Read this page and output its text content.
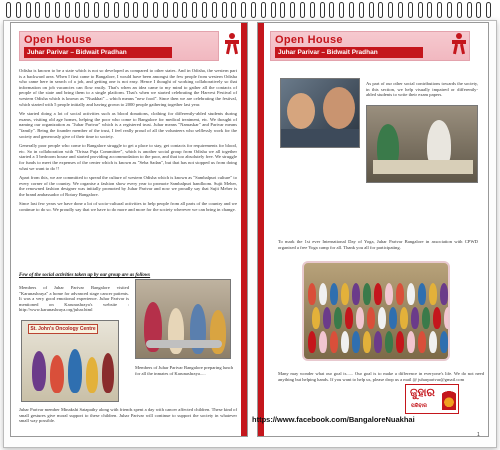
Open House
Juhar Parivar – Bidwait Pradhan

Odisha is known to be a state which is not so developed as compared to other states. And in Odisha, the western part is a backward area. When I first came to Bangalore, I would have been amongst the few people from western Odisha who came here in search of a job, and getting one is not easy. Hence I thought of working collaboratively so that information on job vacancies can flow easily. That's when an idea came to my mind to gather all the contacts of people of the state and bring them to a single platform. That's when we started celebrating the Harvest Festival of western Odisha which is known as "Nuakhai" – which means "new food". Since then we are celebrating the festival, which started with 5 people initially and having grown to 2000 people gathering together last year.

We started doing a lot of social activities such as blood donations, clothing for differently-abled students during exams, visiting old age homes, helping the poor who come to Bangalore for medical treatment, etc. We thought of naming our organization as "Juhar Parivar" which is a registered trust. Juhar means "Namaskar" and Parivar means "family". Being the founder member of the trust, I feel really proud of all the volunteers who selflessly work for the society and generously give of their time to society.

Generally poor people who come to Bangalore struggle to get a place to stay, get contacts for requirements for blood, etc. So in collaboration with "Orissa Puja Committee", which is another social group from Odisha we all together started a 3 bedroom house and started providing accommodation to the poor, and that too absolutely free. We struggle for funds to meet the expenses of the center which is known as "Seba Sadan", but that has not stopped us from doing what we want to do !!

Apart from this, we are committed to spread the culture of western Odisha which is known as "Sambalpuri culture" to every corner of the country. We organise a fashion show every year to promote Sambalpuri handloom. Sujit Meher, the renowned fashion designer was initially promoted by Juhar Parivar and now we proudly say that Sujit Meher is the brand ambassador of Rotary Bangalore.

Since last few years we have done a lot of socio-cultural activities to help people from all parts of the country and we continue to do so. We proudly say that we have to do more and more for the society wherever we can bring in change.

Few of the social activities taken up by our group are as follows
Members of Juhar Parivar Bangalore visited "Karunashraya" a home for advanced stage cancer patients. It was a very good emotional experience. Juhar Parivar is mentioned on Karunashraya's website : http://www.karunashraya.org/juhar.html
St. John's Oncology Centre
Members of Juhar Parivar Bangalore preparing lunch for all the inmates of Karunashraya.....
Juhar Parivar member Minakshi Satapathy along with friends spent a day with cancer affected children. These kind of small gestures give moral support to these children. Juhar Parivar will continue to support the society in whatever small way possible.
Open House
Juhar Parivar – Bidwait Pradhan
As part of our other social contributions towards the society, in this section, we help visually impaired or differently-abled students to write their exam papers.
To mark the 1st ever International Day of Yoga, Juhar Parivar Bangalore in association with CPWD organised a free Yoga camp for all. Thank you all for participating.
Many may wonder what our goal is...... Our goal is to make a difference in everyone's life. We do not need anything but helping hands. If you want to help us, please drop us a mail @ juharparivar@gmail.com
https://www.facebook.com/BangaloreNuakhai
ଜୁହାର
ପରିବାର
1
